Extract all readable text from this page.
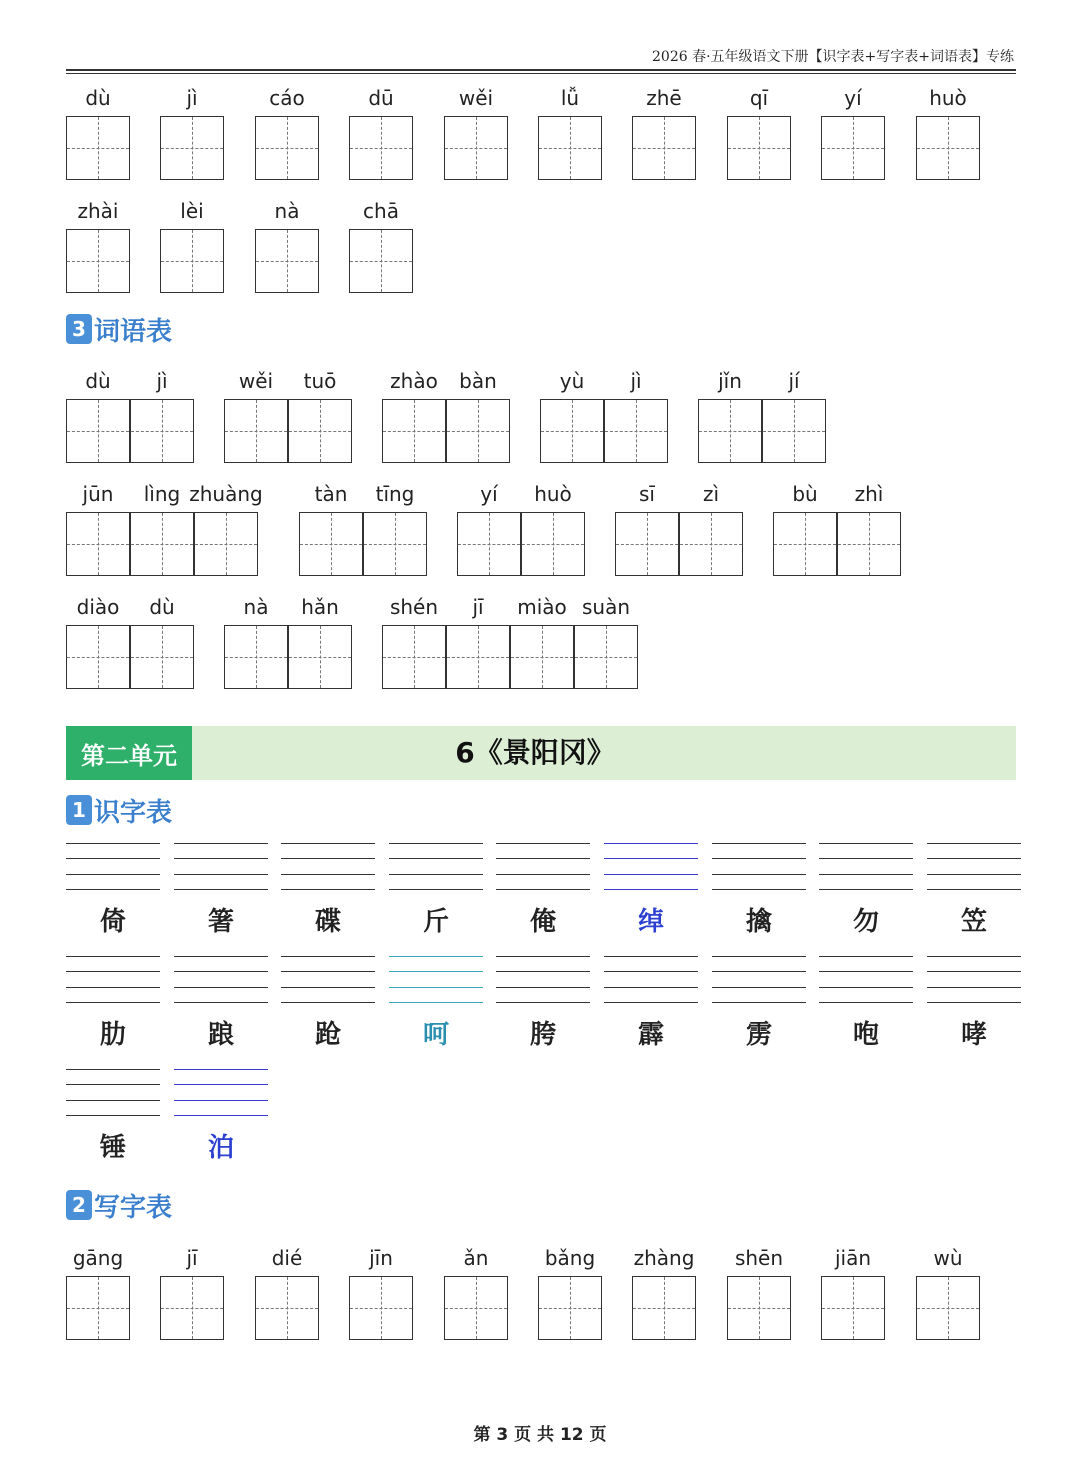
2026 春·五年级语文下册【识字表+写字表+词语表】专练
dù	jì	cáo	dū	wěi	lǚ	zhē	qī	yí	huò
zhài	lèi	nà	chā
3 词语表
dù	jì	wěi	tuō	zhào	bàn	yù	jì	jǐn	jí
jūn	lìng zhuàng	tàn	tīng	yí	huò	sī	zì	bù	zhì
diào	dù	nà	hǎn	shén	jī	miào suàn
第二单元	6《景阳冈》
1 识字表
倚	箸	碟	斤	俺	绰	擒	勿	笠
肋	踉	跄	呵	胯	霹	雳	咆	哮
锤	泊
2 写字表
gāng	jī	dié	jīn	ǎn	bǎng	zhàng	shēn	jiān	wù
第 3 页 共 12 页
